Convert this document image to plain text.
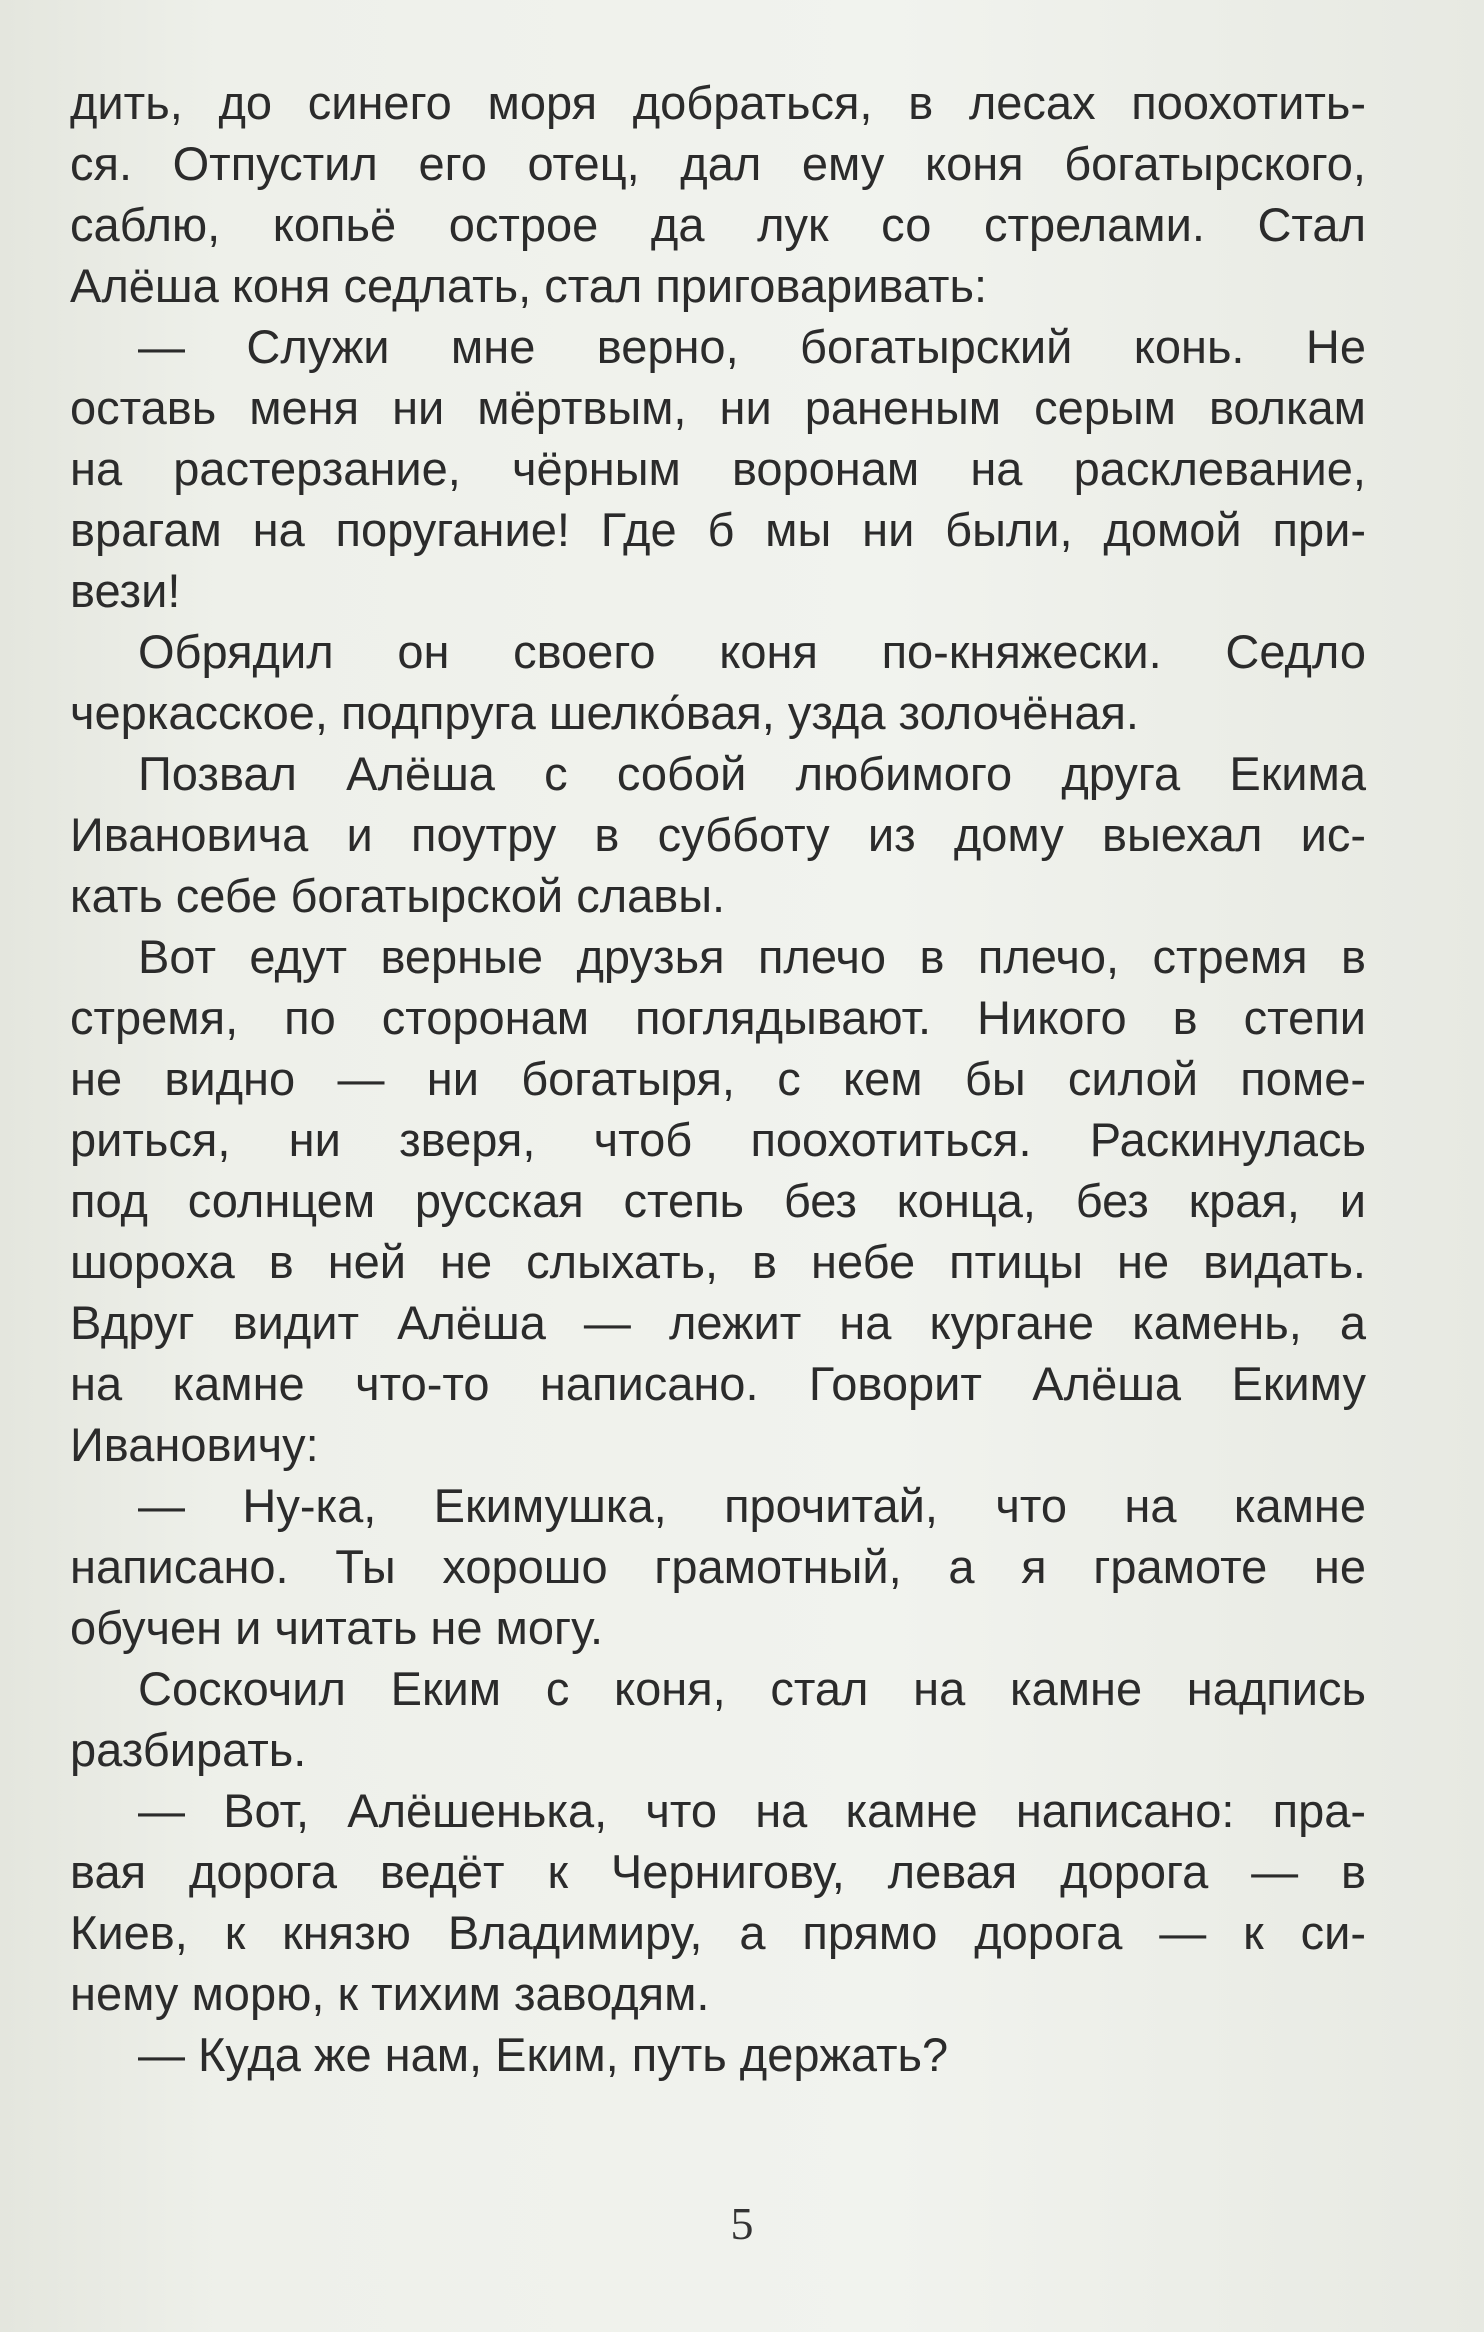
дить, до синего моря добраться, в лесах поохотить-
ся. Отпустил его отец, дал ему коня богатырского,
саблю, копьё острое да лук со стрелами. Стал
Алёша коня седлать, стал приговаривать:
— Служи мне верно, богатырский конь. Не
оставь меня ни мёртвым, ни раненым серым волкам
на растерзание, чёрным воронам на расклевание,
врагам на поругание! Где б мы ни были, домой при-
вези!
Обрядил он своего коня по-княжески. Седло
черкасское, подпруга шелко́вая, узда золочёная.
Позвал Алёша с собой любимого друга Екима
Ивановича и поутру в субботу из дому выехал ис-
кать себе богатырской славы.
Вот едут верные друзья плечо в плечо, стремя в
стремя, по сторонам поглядывают. Никого в степи
не видно — ни богатыря, с кем бы силой поме-
риться, ни зверя, чтоб поохотиться. Раскинулась
под солнцем русская степь без конца, без края, и
шороха в ней не слыхать, в небе птицы не видать.
Вдруг видит Алёша — лежит на кургане камень, а
на камне что-то написано. Говорит Алёша Екиму
Ивановичу:
— Ну-ка, Екимушка, прочитай, что на камне
написано. Ты хорошо грамотный, а я грамоте не
обучен и читать не могу.
Соскочил Еким с коня, стал на камне надпись
разбирать.
— Вот, Алёшенька, что на камне написано: пра-
вая дорога ведёт к Чернигову, левая дорога — в
Киев, к князю Владимиру, а прямо дорога — к си-
нему морю, к тихим заводям.
— Куда же нам, Еким, путь держать?
5
